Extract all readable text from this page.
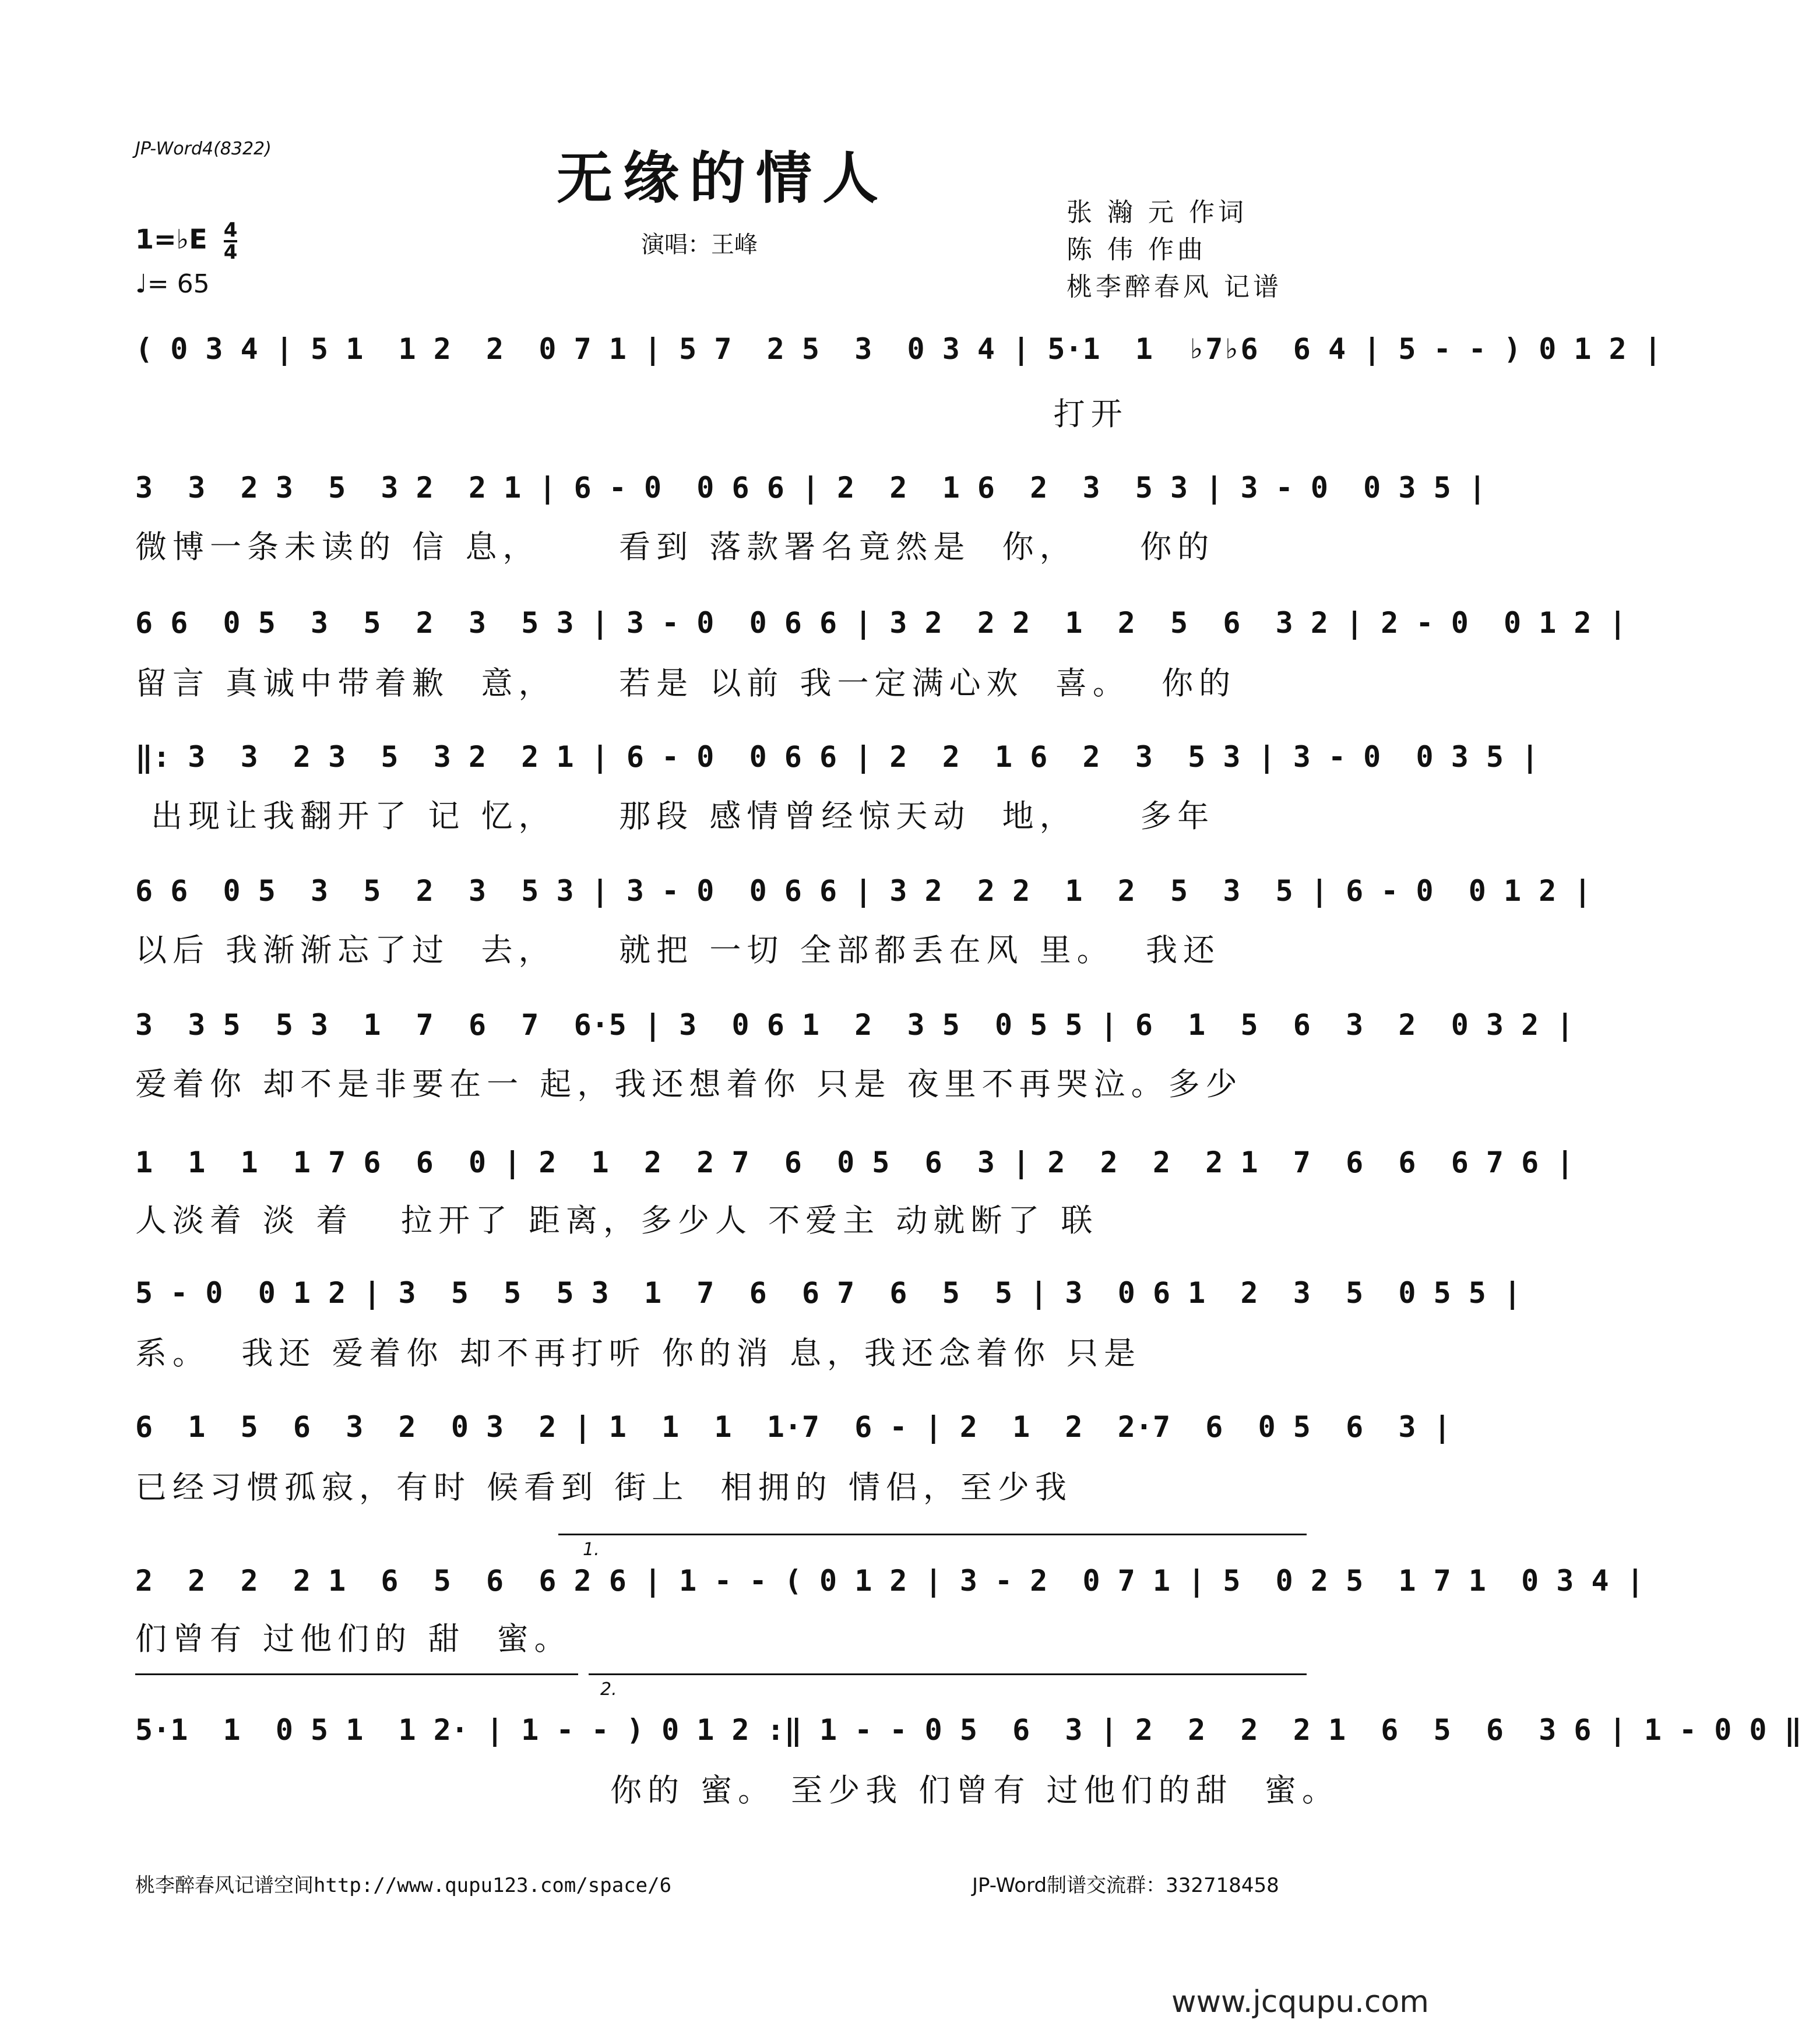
JP-Word4(8322)	无缘的情人
1=♭E $\frac{4}{4}$
♩= 65
演唱：王峰
张 瀚 元 作词
陈 伟 作曲
桃李醉春风 记谱
( 0 3 4 | 5 1  1 2  2  0 7 1 | 5 7  2 5  3  0 3 4 | 5·1  1  ♭7♭6  6 4 | 5 - - ) 0 1 2 |
打开
3  3  2 3  5  3 2  2 1 | 6 - 0  0 6 6 | 2  2  1 6  2  3  5 3 | 3 - 0  0 3 5 |
微博一条未读的 信 息，     看到 落款署名竟然是  你，    你的
6 6  0 5  3  5  2  3  5 3 | 3 - 0  0 6 6 | 3 2  2 2  1  2  5  6  3 2 | 2 - 0  0 1 2 |
留言 真诚中带着歉  意，    若是 以前 我一定满心欢  喜。  你的
‖: 3  3  2 3  5  3 2  2 1 | 6 - 0  0 6 6 | 2  2  1 6  2  3  5 3 | 3 - 0  0 3 5 |
出现让我翻开了 记 忆，    那段 感情曾经惊天动  地，    多年
6 6  0 5  3  5  2  3  5 3 | 3 - 0  0 6 6 | 3 2  2 2  1  2  5  3  5 | 6 - 0  0 1 2 |
以后 我渐渐忘了过  去，    就把 一切 全部都丢在风 里。  我还
3  3 5  5 3  1  7  6  7  6·5 | 3  0 6 1  2  3 5  0 5 5 | 6  1  5  6  3  2  0 3 2 |
爱着你 却不是非要在一 起，我还想着你 只是 夜里不再哭泣。多少
1  1  1  1 7 6  6  0 | 2  1  2  2 7  6  0 5  6  3 | 2  2  2  2 1  7  6  6  6 7 6 |
人淡着 淡 着   拉开了 距离，多少人 不爱主 动就断了 联
5 - 0  0 1 2 | 3  5  5  5 3  1  7  6  6 7  6  5  5 | 3  0 6 1  2  3  5  0 5 5 |
系。  我还 爱着你 却不再打听 你的消 息，我还念着你 只是
6  1  5  6  3  2  0 3  2 | 1  1  1  1·7  6 - | 2  1  2  2·7  6  0 5  6  3 |
已经习惯孤寂，有时 候看到 街上  相拥的 情侣，至少我
1.
2  2  2  2 1  6  5  6  6 2 6 | 1 - - ( 0 1 2 | 3 - 2  0 7 1 | 5  0 2 5  1 7 1  0 3 4 |
们曾有 过他们的 甜  蜜。
2.
5·1  1  0 5 1  1 2· | 1 - - ) 0 1 2 :‖ 1 - - 0 5  6  3 | 2  2  2  2 1  6  5  6  3 6 | 1 - 0 0 ‖
你的 蜜。 至少我 们曾有 过他们的甜  蜜。
桃李醉春风记谱空间http://www.qupu123.com/space/6	JP-Word制谱交流群：332718458
www.jcqupu.com
